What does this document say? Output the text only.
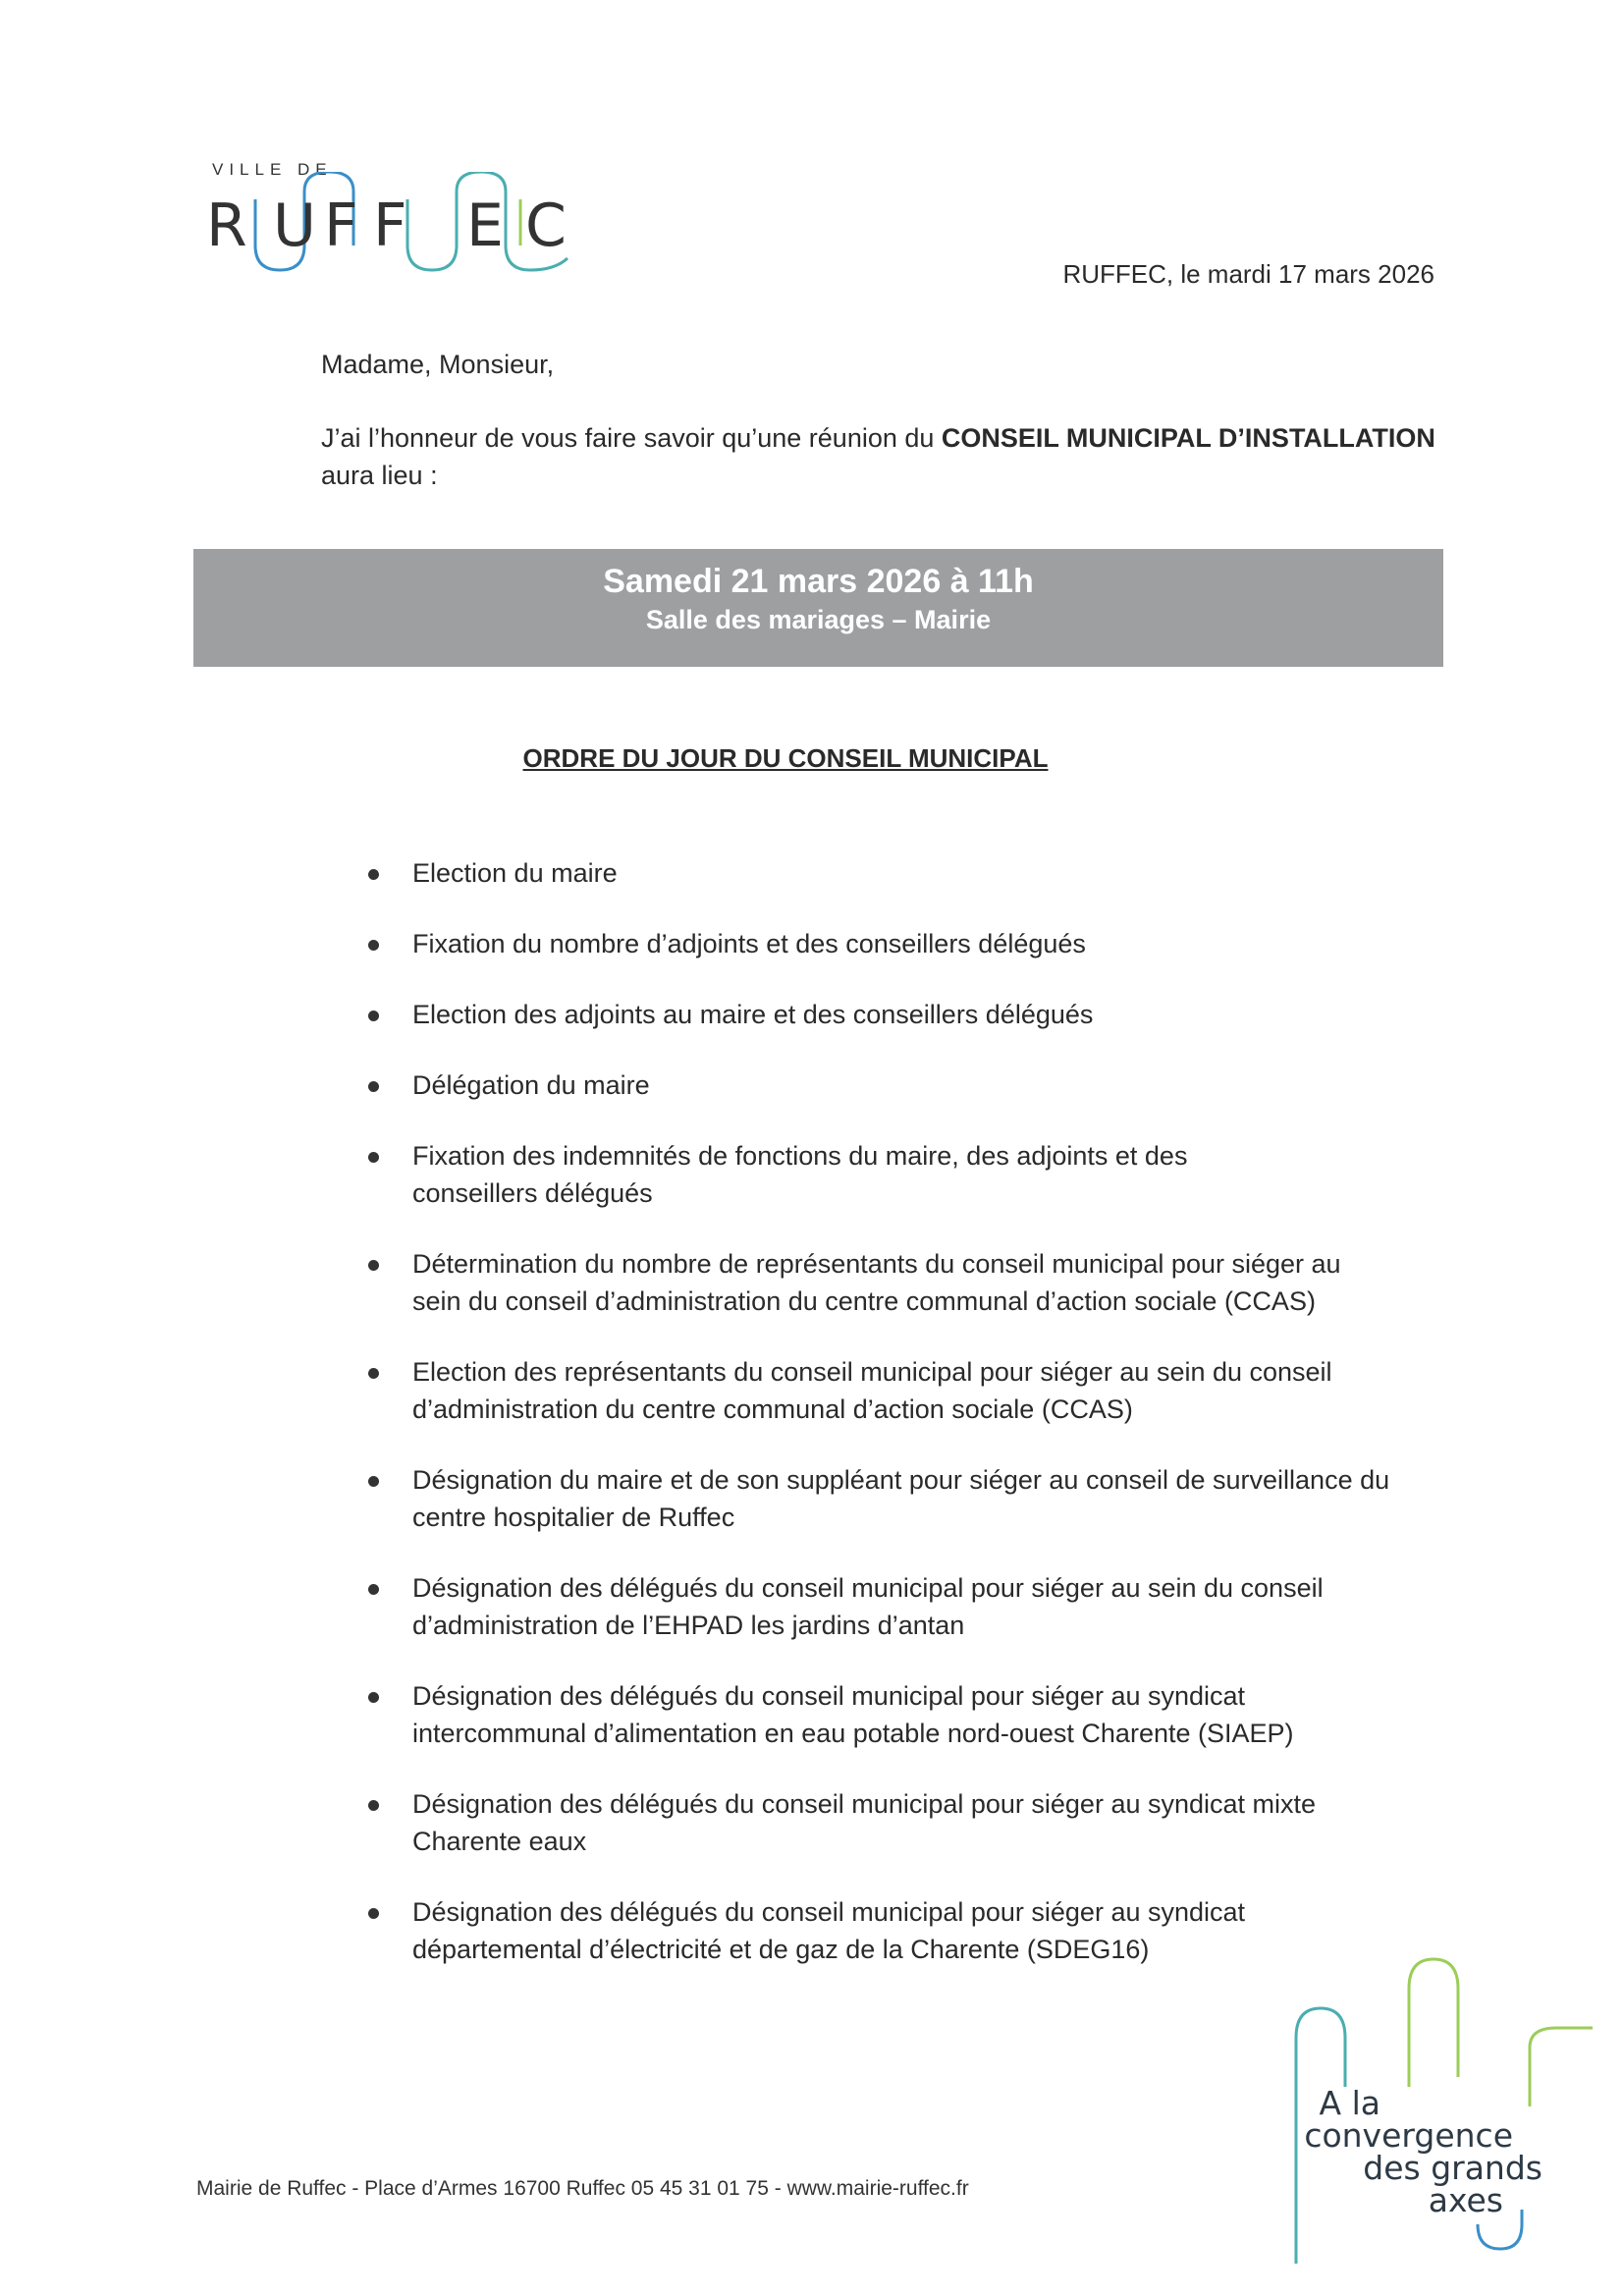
VILLE DE
R U F F E C
RUFFEC, le mardi 17 mars 2026
Madame, Monsieur,
J’ai l’honneur de vous faire savoir qu’une réunion du CONSEIL MUNICIPAL D’INSTALLATION aura lieu :
Samedi 21 mars 2026 à 11h
Salle des mariages – Mairie
ORDRE DU JOUR DU CONSEIL MUNICIPAL
Election du maire
Fixation du nombre d’adjoints et des conseillers délégués
Election des adjoints au maire et des conseillers délégués
Délégation du maire
Fixation des indemnités de fonctions du maire, des adjoints et des
conseillers délégués
Détermination du nombre de représentants du conseil municipal pour siéger au
sein du conseil d’administration du centre communal d’action sociale (CCAS)
Election des représentants du conseil municipal pour siéger au sein du conseil
d’administration du centre communal d’action sociale (CCAS)
Désignation du maire et de son suppléant pour siéger au conseil de surveillance du
centre hospitalier de Ruffec
Désignation des délégués du conseil municipal pour siéger au sein du conseil
d’administration de l’EHPAD les jardins d’antan
Désignation des délégués du conseil municipal pour siéger au syndicat
intercommunal d’alimentation en eau potable nord-ouest Charente (SIAEP)
Désignation des délégués du conseil municipal pour siéger au syndicat mixte
Charente eaux
Désignation des délégués du conseil municipal pour siéger au syndicat
départemental d’électricité et de gaz de la Charente (SDEG16)
Mairie de Ruffec - Place d’Armes 16700 Ruffec 05 45 31 01 75 - www.mairie-ruffec.fr
A la
convergence
des grands
axes
